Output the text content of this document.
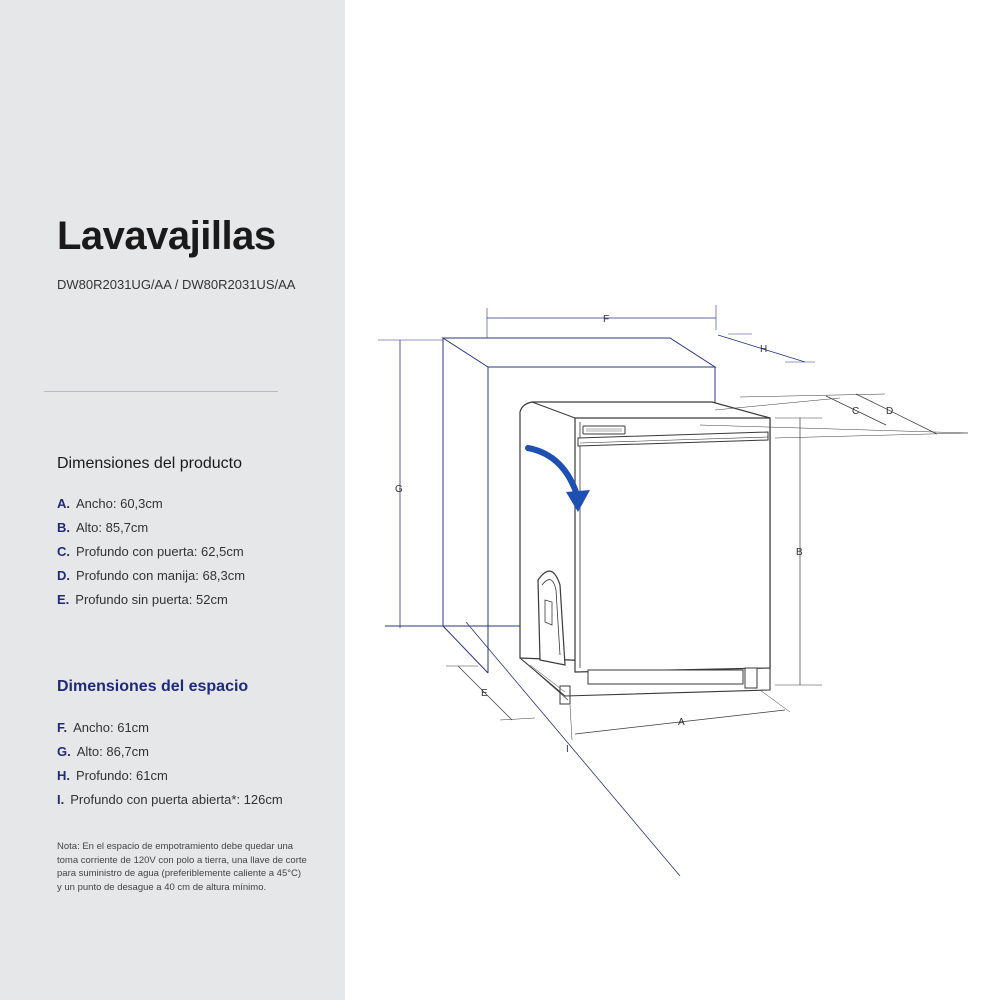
Lavavajillas
DW80R2031UG/AA / DW80R2031US/AA
Dimensiones del producto
A. Ancho: 60,3cm
B. Alto: 85,7cm
C. Profundo con puerta: 62,5cm
D. Profundo con manija: 68,3cm
E. Profundo sin puerta: 52cm
Dimensiones del espacio
F. Ancho: 61cm
G. Alto: 86,7cm
H. Profundo: 61cm
I. Profundo con puerta abierta*: 126cm
Nota: En el espacio de empotramiento debe quedar una toma corriente de 120V con polo a tierra, una llave de corte para suministro de agua (preferiblemente caliente a 45°C) y un punto de desague a 40 cm de altura mínimo.
G
F
H
B
C	D
A
E
I
